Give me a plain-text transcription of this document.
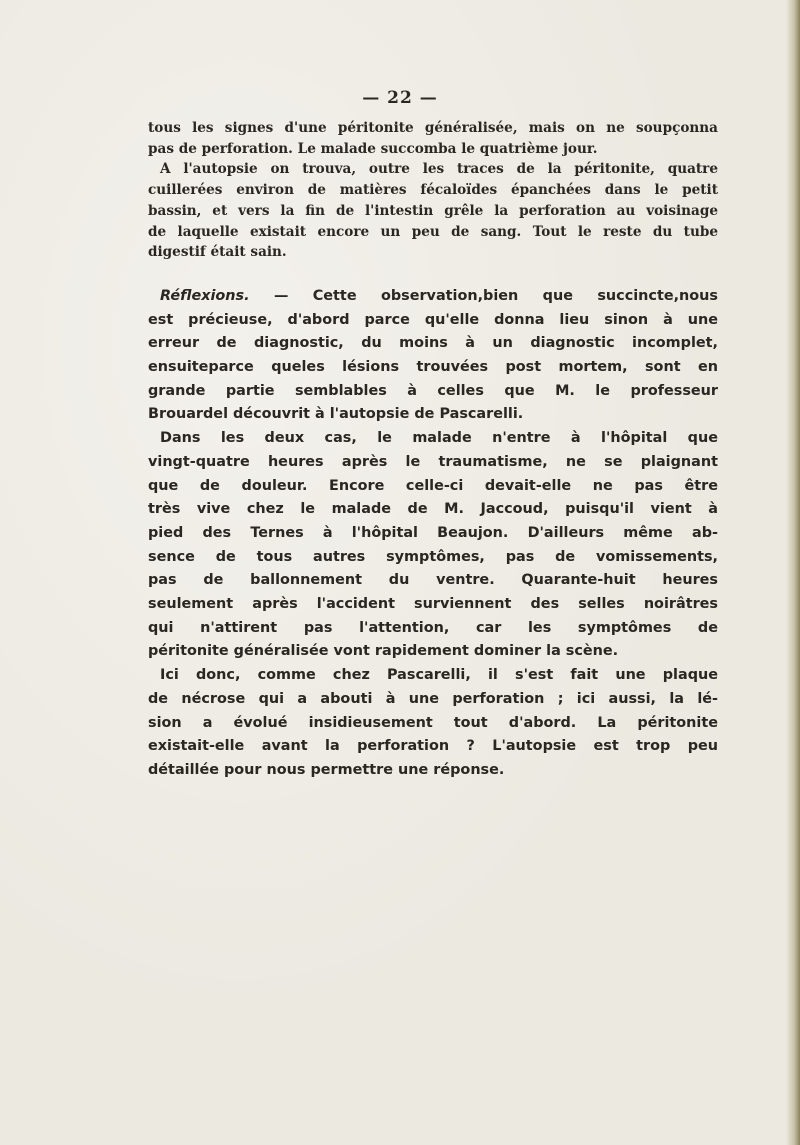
— 22 —

tous les signes d'une péritonite généralisée, mais on ne soupçonna
pas de perforation. Le malade succomba le quatrième jour.

A l'autopsie on trouva, outre les traces de la péritonite, quatre
cuillerées environ de matières fécaloïdes épanchées dans le petit
bassin, et vers la fin de l'intestin grêle la perforation au voisinage
de laquelle existait encore un peu de sang. Tout le reste du tube
digestif était sain.

Réflexions. — Cette observation,bien que succincte,nous
est précieuse, d'abord parce qu'elle donna lieu sinon à une
erreur de diagnostic, du moins à un diagnostic incomplet,
ensuiteparce queles lésions trouvées post mortem, sont en
grande partie semblables à celles que M. le professeur
Brouardel découvrit à l'autopsie de Pascarelli.

Dans les deux cas, le malade n'entre à l'hôpital que
vingt-quatre heures après le traumatisme, ne se plaignant
que de douleur. Encore celle-ci devait-elle ne pas être
très vive chez le malade de M. Jaccoud, puisqu'il vient à
pied des Ternes à l'hôpital Beaujon. D'ailleurs même ab-
sence de tous autres symptômes, pas de vomissements,
pas de ballonnement du ventre. Quarante-huit heures
seulement après l'accident surviennent des selles noirâtres
qui n'attirent pas l'attention, car les symptômes de
péritonite généralisée vont rapidement dominer la scène.

Ici donc, comme chez Pascarelli, il s'est fait une plaque
de nécrose qui a abouti à une perforation ; ici aussi, la lé-
sion a évolué insidieusement tout d'abord. La péritonite
existait-elle avant la perforation ? L'autopsie est trop peu
détaillée pour nous permettre une réponse.
